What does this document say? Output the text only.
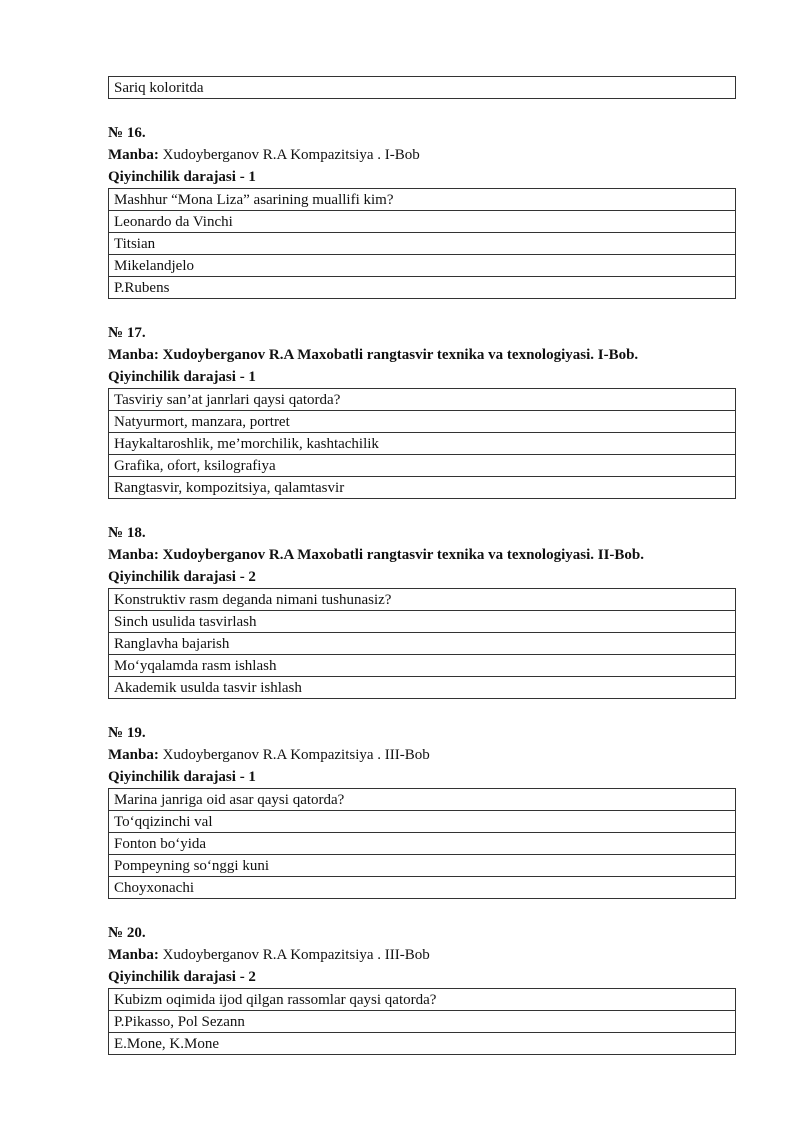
Sariq koloritda
№ 16.
Manba: Xudoyberganov R.A Kompazitsiya . I-Bob
Qiyinchilik darajasi - 1
Mashhur “Mona Liza” asarining muallifi kim?
Leonardo da Vinchi
Titsian
Mikelandjelo
P.Rubens
№ 17.
Manba: Xudoyberganov R.A Maxobatli rangtasvir texnika va texnologiyasi. I-Bob.
Qiyinchilik darajasi - 1
Tasviriy san’at janrlari qaysi qatorda?
Natyurmort, manzara, portret
Haykaltaroshlik, me’morchilik, kashtachilik
Grafika, ofort, ksilografiya
Rangtasvir, kompozitsiya, qalamtasvir
№ 18.
Manba: Xudoyberganov R.A Maxobatli rangtasvir texnika va texnologiyasi. II-Bob.
Qiyinchilik darajasi - 2
Konstruktiv rasm deganda nimani tushunasiz?
Sinch usulida tasvirlash
Ranglavha bajarish
Mo‘yqalamda rasm ishlash
Akademik usulda tasvir ishlash
№ 19.
Manba: Xudoyberganov R.A Kompazitsiya . III-Bob
Qiyinchilik darajasi - 1
Marina janriga oid asar qaysi qatorda?
To‘qqizinchi val
Fonton bo‘yida
Pompeyning so‘nggi kuni
Choyxonachi
№ 20.
Manba: Xudoyberganov R.A Kompazitsiya . III-Bob
Qiyinchilik darajasi - 2
Kubizm oqimida ijod qilgan rassomlar qaysi qatorda?
P.Pikasso, Pol Sezann
E.Mone, K.Mone
